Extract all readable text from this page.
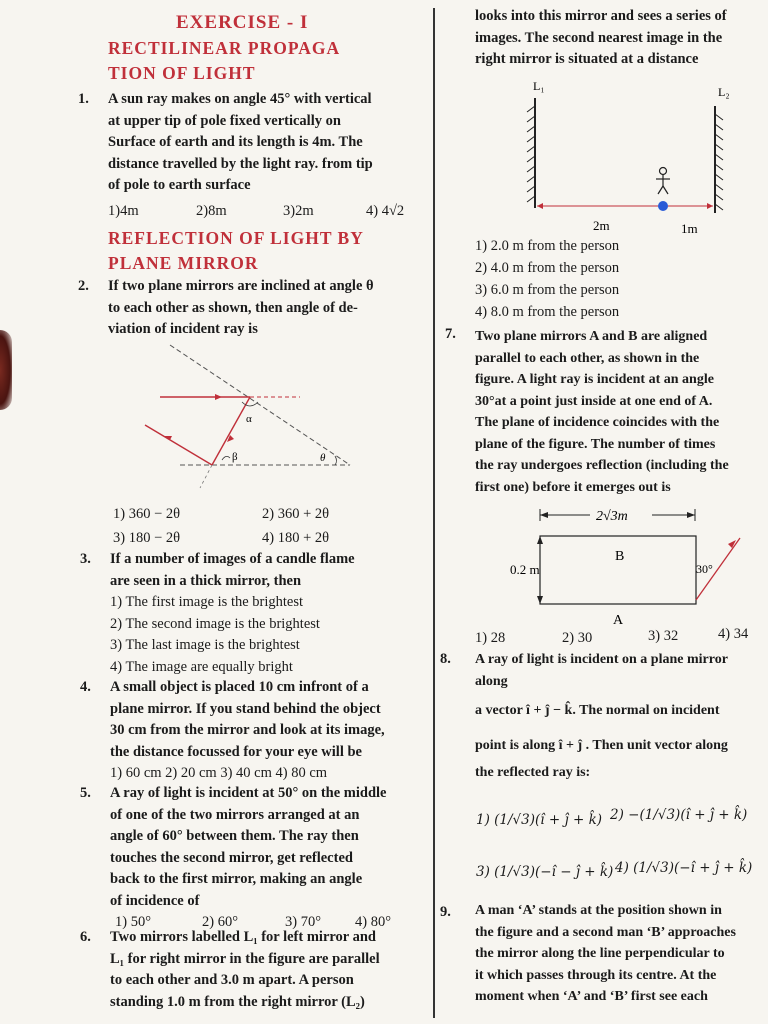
EXERCISE - I
RECTILINEAR PROPAGA
TION OF LIGHT
1. A sun ray makes on angle 45° with vertical
at upper tip of pole fixed vertically on
Surface of earth and its length is 4m. The
distance travelled by the light ray. from tip
of pole to earth surface
1)4m	2)8m	3)2m	4) 4√2
REFLECTION OF LIGHT BY
PLANE MIRROR
2. If two plane mirrors are inclined at angle θ
to each other as shown, then angle of de-
viation of incident ray is
α
β	θ
1) 360 − 2θ	2) 360 + 2θ
3) 180 − 2θ	4) 180 + 2θ
3. If a number of images of a candle flame
are seen in a thick mirror, then
1) The first image is the brightest
2) The second image is the brightest
3) The last image is the brightest
4) The image are equally bright
4. A small object is placed 10 cm infront of a
plane mirror. If you stand behind the object
30 cm from the mirror and look at its image,
the distance focussed for your eye will be
1) 60 cm 2) 20 cm 3) 40 cm 4) 80 cm
5. A ray of light is incident at 50° on the middle
of one of the two mirrors arranged at an
angle of 60° between them. The ray then
touches the second mirror, get reflected
back to the first mirror, making an angle
of incidence of
1) 50°	2) 60°	3) 70° 4) 80°
6. Two mirrors labelled L₁ for left mirror and
L₁ for right mirror in the figure are parallel
to each other and 3.0 m apart. A person
standing 1.0 m from the right mirror (L₂)
looks into this mirror and sees a series of
images. The second nearest image in the
right mirror is situated at a distance
L₁	L₂
2m	1m
1) 2.0 m from the person
2) 4.0 m from the person
3) 6.0 m from the person
4) 8.0 m from the person
7. Two plane mirrors A and B are aligned
parallel to each other, as shown in the
figure. A light ray is incident at an angle
30°at a point just inside at one end of A.
The plane of incidence coincides with the
plane of the figure. The number of times
the ray undergoes reflection (including the
first one) before it emerges out is
2√3m
0.2 m
B
A
30°
1) 28	2) 30	3) 32	4) 34
8. A ray of light is incident on a plane mirror
along
a vector î + ĵ − k̂. The normal on incident
point is along î + ĵ . Then unit vector along
the reflected ray is:
1) (1/√3)(î + ĵ + k̂) 2) −(1/√3)(î + ĵ + k̂)
3) (1/√3)(−î − ĵ + k̂) 4) (1/√3)(−î + ĵ + k̂)
9. A man ‘A’ stands at the position shown in
the figure and a second man ‘B’ approaches
the mirror along the line perpendicular to
it which passes through its centre. At the
moment when ‘A’ and ‘B’ first see each
